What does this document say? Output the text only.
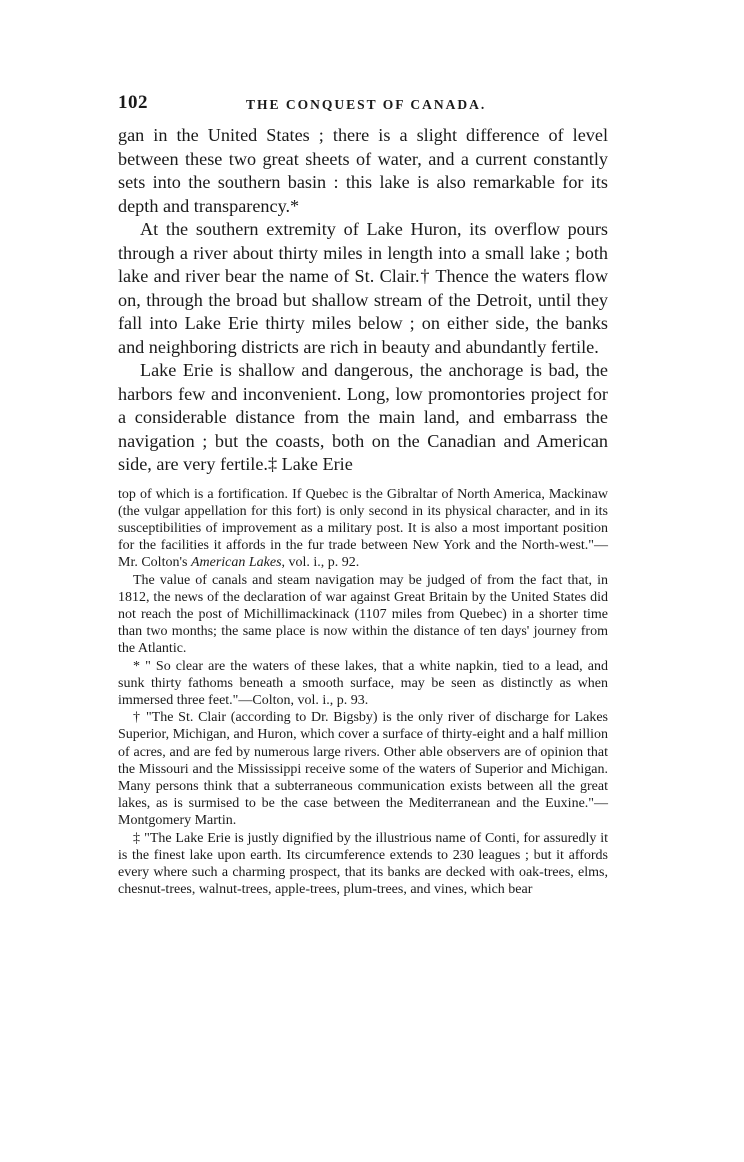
102	THE CONQUEST OF CANADA.

gan in the United States ; there is a slight difference of level between these two great sheets of water, and a current constantly sets into the southern basin : this lake is also remarkable for its depth and transparency.*

At the southern extremity of Lake Huron, its overflow pours through a river about thirty miles in length into a small lake ; both lake and river bear the name of St. Clair.† Thence the waters flow on, through the broad but shallow stream of the Detroit, until they fall into Lake Erie thirty miles below ; on either side, the banks and neighboring districts are rich in beauty and abundantly fertile.

Lake Erie is shallow and dangerous, the anchorage is bad, the harbors few and inconvenient. Long, low promontories project for a considerable distance from the main land, and embarrass the navigation ; but the coasts, both on the Canadian and American side, are very fertile.‡ Lake Erie

top of which is a fortification. If Quebec is the Gibraltar of North America, Mackinaw (the vulgar appellation for this fort) is only second in its physical character, and in its susceptibilities of improvement as a military post. It is also a most important position for the facilities it affords in the fur trade between New York and the North-west."—Mr. Colton's American Lakes, vol. i., p. 92.

The value of canals and steam navigation may be judged of from the fact that, in 1812, the news of the declaration of war against Great Britain by the United States did not reach the post of Michillimackinack (1107 miles from Quebec) in a shorter time than two months; the same place is now within the distance of ten days' journey from the Atlantic.

* " So clear are the waters of these lakes, that a white napkin, tied to a lead, and sunk thirty fathoms beneath a smooth surface, may be seen as distinctly as when immersed three feet."—Colton, vol. i., p. 93.

† "The St. Clair (according to Dr. Bigsby) is the only river of discharge for Lakes Superior, Michigan, and Huron, which cover a surface of thirty-eight and a half million of acres, and are fed by numerous large rivers. Other able observers are of opinion that the Missouri and the Mississippi receive some of the waters of Superior and Michigan. Many persons think that a subterraneous communication exists between all the great lakes, as is surmised to be the case between the Mediterranean and the Euxine."—Montgomery Martin.

‡ "The Lake Erie is justly dignified by the illustrious name of Conti, for assuredly it is the finest lake upon earth. Its circumference extends to 230 leagues ; but it affords every where such a charming prospect, that its banks are decked with oak-trees, elms, chesnut-trees, walnut-trees, apple-trees, plum-trees, and vines, which bear
